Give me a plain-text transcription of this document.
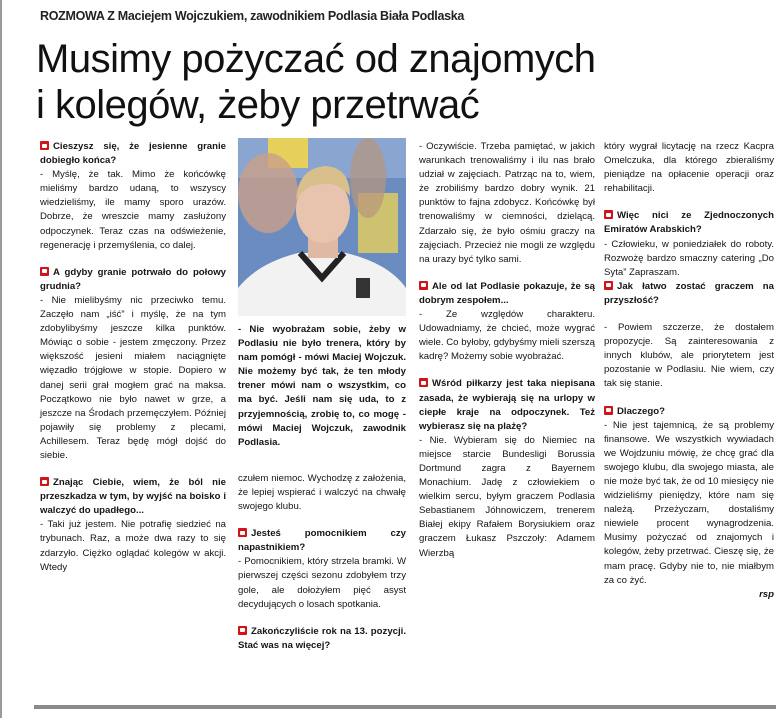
ROZMOWA Z Maciejem Wojczukiem, zawodnikiem Podlasia Biała Podlaska
Musimy pożyczać od znajomych
i kolegów, żeby przetrwać

Cieszysz się, że jesienne granie dobiegło końca?

- Myślę, że tak. Mimo że końcówkę mieliśmy bardzo udaną, to wszyscy wiedzieliśmy, ile mamy sporo urazów. Dobrze, że wreszcie mamy zasłużony odpoczynek. Teraz czas na odświeżenie, regenerację i przemyślenia, co dalej.

A gdyby granie potrwało do połowy grudnia?

- Nie mielibyśmy nic przeciwko temu. Zaczęło nam „iść” i myślę, że na tym zdobylibyśmy jeszcze kilka punktów. Mówiąc o sobie - jestem zmęczony. Przez większość jesieni miałem naciągnięte więzadło trójgłowe w stopie. Dopiero w danej serii grał mogłem grać na maksa. Początkowo nie było nawet w grze, a jeszcze na Środach przemęczyłem. Później pojawiły się problemy z plecami, Achillesem. Teraz będę mógł dojść do siebie.

Znając Ciebie, wiem, że ból nie przeszkadza w tym, by wyjść na boisko i walczyć do upadłego...

- Taki już jestem. Nie potrafię siedzieć na trybunach. Raz, a może dwa razy to się zdarzyło. Ciężko oglądać kolegów w akcji. Wtedy

- Nie wyobrażam sobie, żeby w Podlasiu nie było trenera, który by nam pomógł - mówi Maciej Wojczuk. Nie możemy być tak, że ten młody trener mówi nam o wszystkim, co ma być. Jeśli nam się uda, to z przyjemnością, zrobię to, co mogę - mówi Maciej Wojczuk, zawodnik Podlasia.

czułem niemoc. Wychodzę z założenia, że lepiej wspierać i walczyć na chwałę swojego klubu.

Jesteś pomocnikiem czy napastnikiem?

- Pomocnikiem, który strzela bramki. W pierwszej części sezonu zdobyłem trzy gole, ale dołożyłem pięć asyst decydujących o losach spotkania.

Zakończyliście rok na 13. pozycji. Stać was na więcej?

- Oczywiście. Trzeba pamiętać, w jakich warunkach trenowaliśmy i ilu nas brało udział w zajęciach. Patrząc na to, wiem, że zrobiliśmy bardzo dobry wynik. 21 punktów to fajna zdobycz. Końcówkę był trenowaliśmy w ciemności, dzielącą. Zdarzało się, że było ośmiu graczy na zajęciach. Przecież nie mogli ze względu na urazy być tylko sami.

Ale od lat Podlasie pokazuje, że są dobrym zespołem...

- Ze względów charakteru. Udowadniamy, że chcieć, może wygrać wiele. Co byłoby, gdybyśmy mieli szerszą kadrę? Możemy sobie wyobrażać.

Wśród piłkarzy jest taka niepisana zasada, że wybierają się na urlopy w ciepłe kraje na odpoczynek. Też wybierasz się na plażę?

- Nie. Wybieram się do Niemiec na miejsce starcie Bundesligi Borussia Dortmund zagra z Bayernem Monachium. Jadę z człowiekiem o wielkim sercu, byłym graczem Podlasia Sebastianem Jóhnowiczem, trenerem Białej ekipy Rafałem Borysiukiem oraz graczem Łukasz Pszczoły: Adamem Wierzbą

który wygrał licytację na rzecz Kacpra Omelczuka, dla którego zbieraliśmy pieniądze na opłacenie operacji oraz rehabilitacji.

Więc nici ze Zjednoczonych Emiratów Arabskich?

- Człowieku, w poniedziałek do roboty. Rozwożę bardzo smaczny catering „Do Syta” Zapraszam.

Jak łatwo zostać graczem na przyszłość?

- Powiem szczerze, że dostałem propozycje. Są zainteresowania z innych klubów, ale priorytetem jest pozostanie w Podlasiu. Nie wiem, czy tak się stanie.

Dlaczego?

- Nie jest tajemnicą, że są problemy finansowe. We wszystkich wywiadach we Wojdzuniu mówię, że chcę grać dla swojego klubu, dla swojego miasta, ale nie może być tak, że od 10 miesięcy nie widzieliśmy pieniędzy, które nam się należą. Przeżyczam, dostaliśmy niewiele procent wynagrodzenia. Musimy pożyczać od znajomych i kolegów, żeby przetrwać. Cieszę się, że mam pracę. Gdyby nie to, nie miałbym za co żyć.

rsp
